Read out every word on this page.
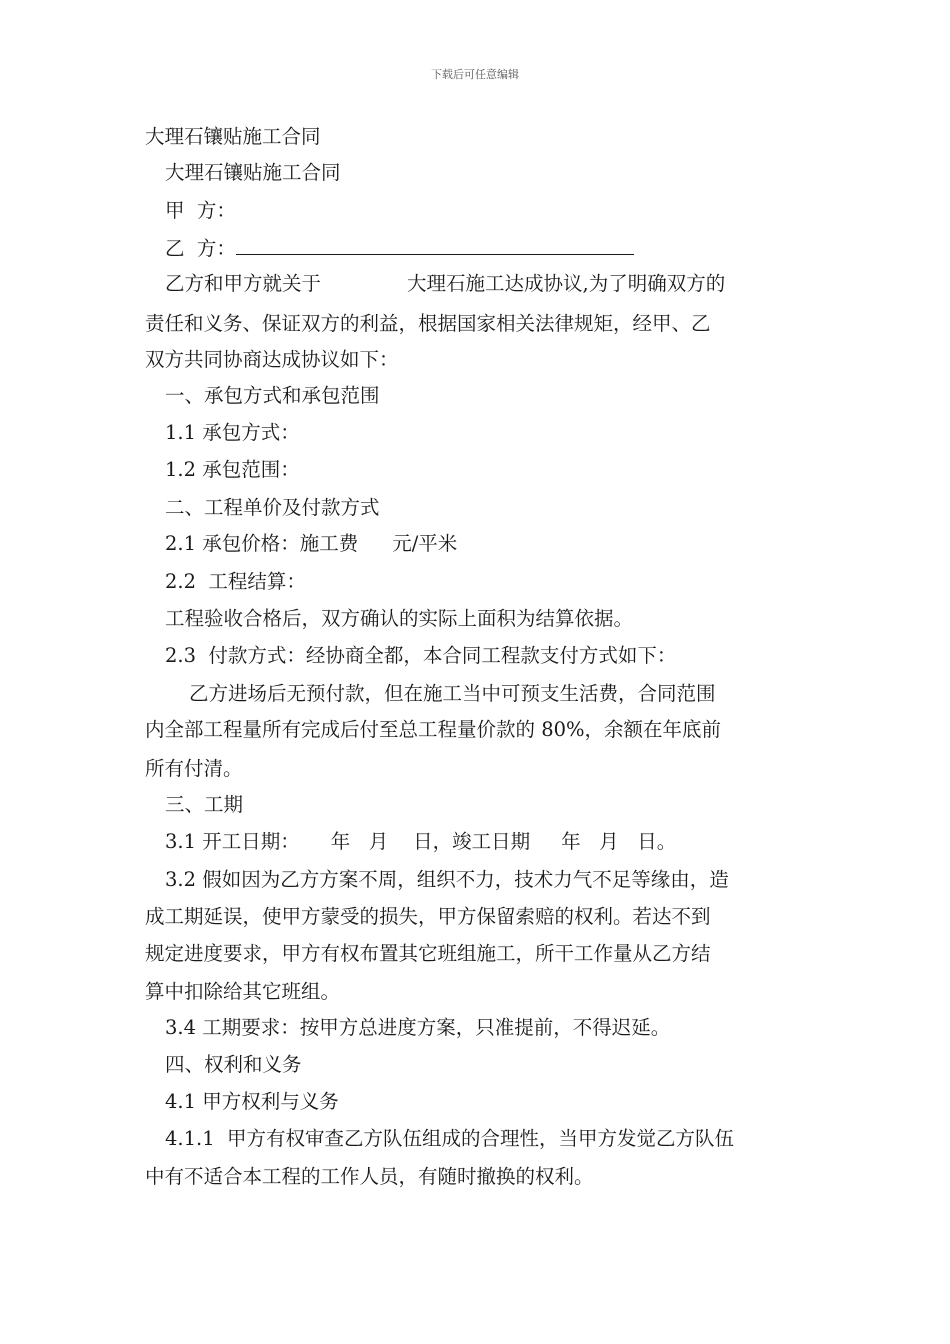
下载后可任意编辑
大理石镶贴施工合同
大理石镶贴施工合同
甲  方：
乙  方：
乙方和甲方就关于	大理石施工达成协议,为了明确双方的
责任和义务、保证双方的利益，根据国家相关法律规矩，经甲、乙
双方共同协商达成协议如下：
一、承包方式和承包范围
1.1 承包方式：
1.2 承包范围：
二、工程单价及付款方式
2.1 承包价格：施工费 元/平米
2.2  工程结算：
工程验收合格后，双方确认的实际上面积为结算依据。
2.3  付款方式：经协商全都，本合同工程款支付方式如下：
乙方进场后无预付款，但在施工当中可预支生活费，合同范围
内全部工程量所有完成后付至总工程量价款的 80%，余额在年底前
所有付清。
三、工期
3.1 开工日期：     年   月    日，竣工日期     年   月   日。
3.2 假如因为乙方方案不周，组织不力，技术力气不足等缘由，造
成工期延误，使甲方蒙受的损失，甲方保留索赔的权利。若达不到
规定进度要求，甲方有权布置其它班组施工，所干工作量从乙方结
算中扣除给其它班组。
3.4 工期要求：按甲方总进度方案，只准提前，不得迟延。
四、权利和义务
4.1 甲方权利与义务
4.1.1  甲方有权审查乙方队伍组成的合理性，当甲方发觉乙方队伍
中有不适合本工程的工作人员，有随时撤换的权利。
